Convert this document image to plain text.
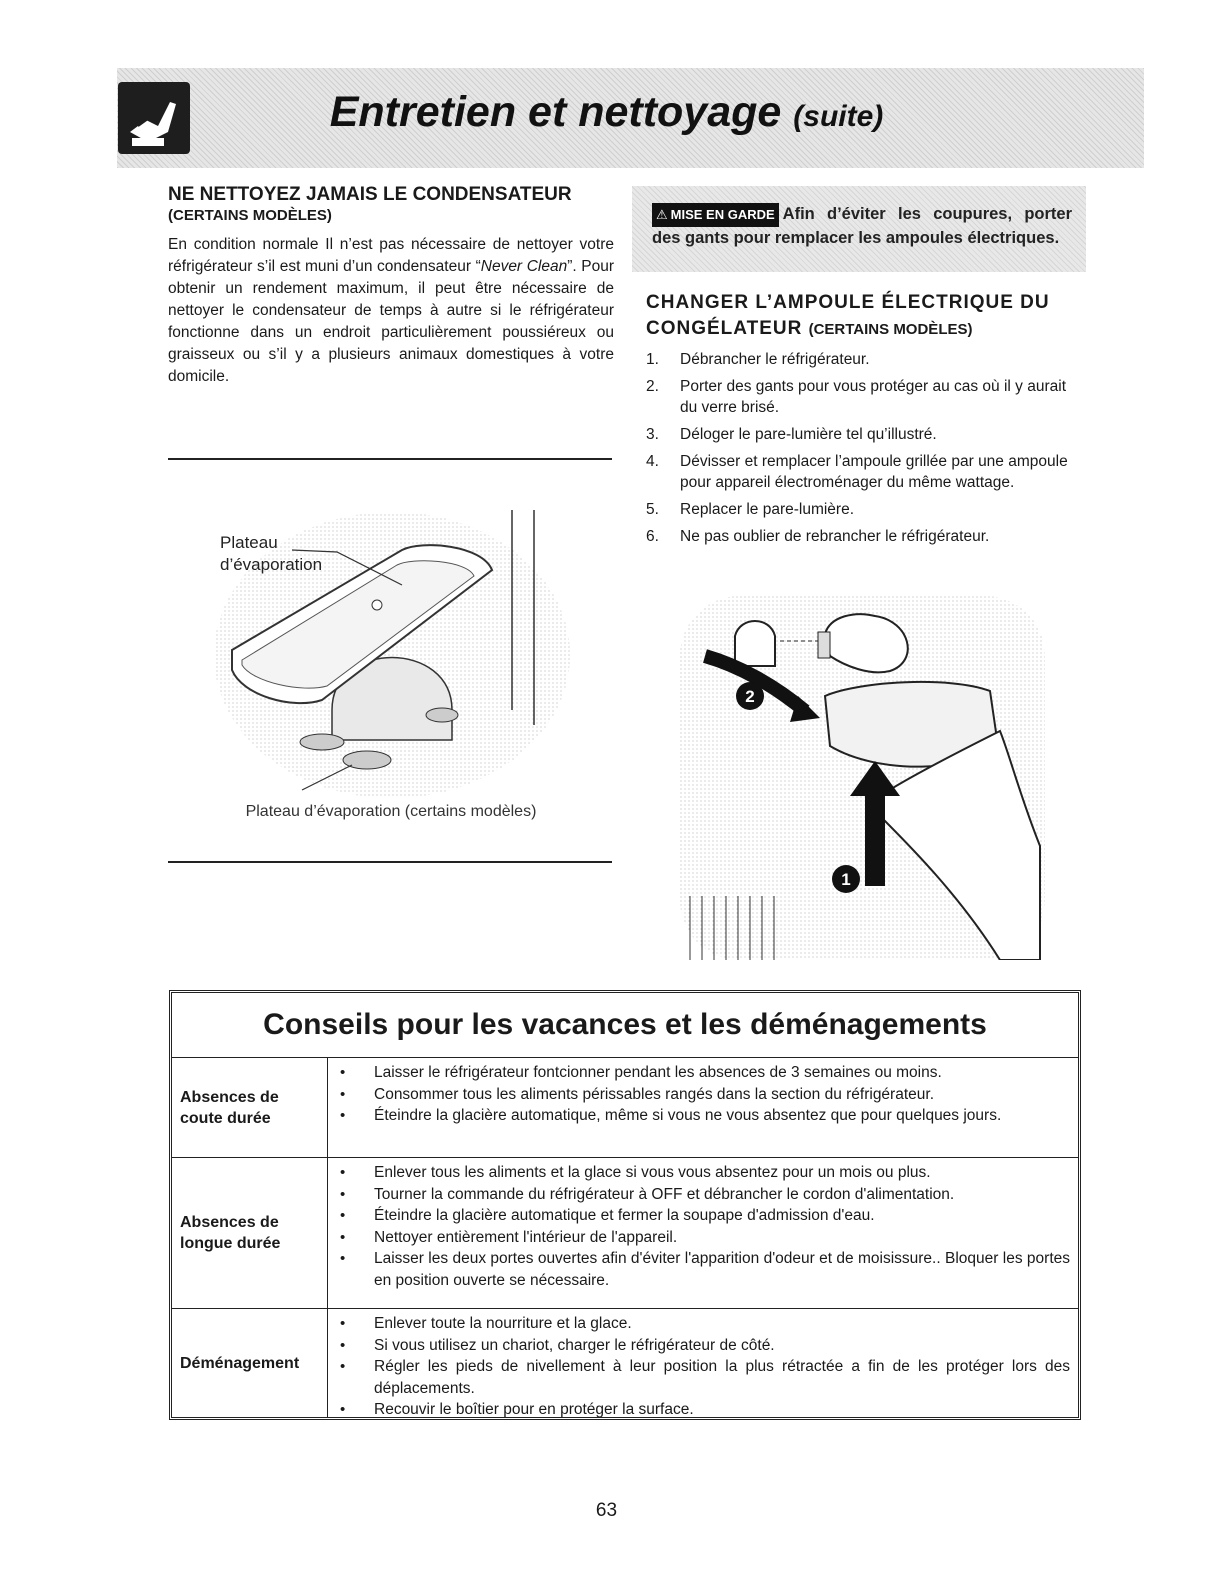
Entretien et nettoyage (suite)

NE NETTOYEZ JAMAIS LE CONDENSATEUR

(CERTAINS MODÈLES)

En condition normale Il n’est pas nécessaire de nettoyer votre réfrigérateur s’il est muni d’un condensateur “Never Clean”. Pour obtenir un rendement maximum, il peut être nécessaire de nettoyer le condensateur de temps à autre si le réfrigérateur fonctionne dans un endroit particulièrement poussiéreux ou graisseux ou s’il y a plusieurs animaux domestiques à votre domicile.

Plateau
d’évaporation
Plateau d’évaporation (certains modèles)
⚠ MISE EN GARDE Afin d’éviter les coupures, porter des gants pour remplacer les ampoules électriques.

CHANGER L’AMPOULE ÉLECTRIQUE DU CONGÉLATEUR (CERTAINS MODÈLES)

1. Débrancher le réfrigérateur.
2. Porter des gants pour vous protéger au cas où il y aurait du verre brisé.
3. Déloger le pare-lumière tel qu’illustré.
4. Dévisser et remplacer l’ampoule grillée par une ampoule pour appareil électroménager du même wattage.
5. Replacer le pare-lumière.
6. Ne pas oublier de rebrancher le réfrigérateur.
2
1
Conseils pour les vacances et les déménagements
Absences de coute durée
• Laisser le réfrigérateur fontcionner pendant les absences de 3 semaines ou moins.
• Consommer tous les aliments périssables rangés dans la section du réfrigérateur.
• Éteindre la glacière automatique, même si vous ne vous absentez que pour quelques jours.
Absences de longue durée
• Enlever tous les aliments et la glace si vous vous absentez pour un mois ou plus.
• Tourner la commande du réfrigérateur à OFF et débrancher le cordon d'alimentation.
• Éteindre la glacière automatique et fermer la soupape d'admission d'eau.
• Nettoyer entièrement l'intérieur de l'appareil.
• Laisser les deux portes ouvertes afin d'éviter l'apparition d'odeur et de moisissure.. Bloquer les portes en position ouverte se nécessaire.
Déménagement
• Enlever toute la nourriture et la glace.
• Si vous utilisez un chariot, charger le réfrigérateur de côté.
• Régler les pieds de nivellement à leur position la plus rétractée a fin de les protéger lors des déplacements.
• Recouvir le boîtier pour en protéger la surface.
63
